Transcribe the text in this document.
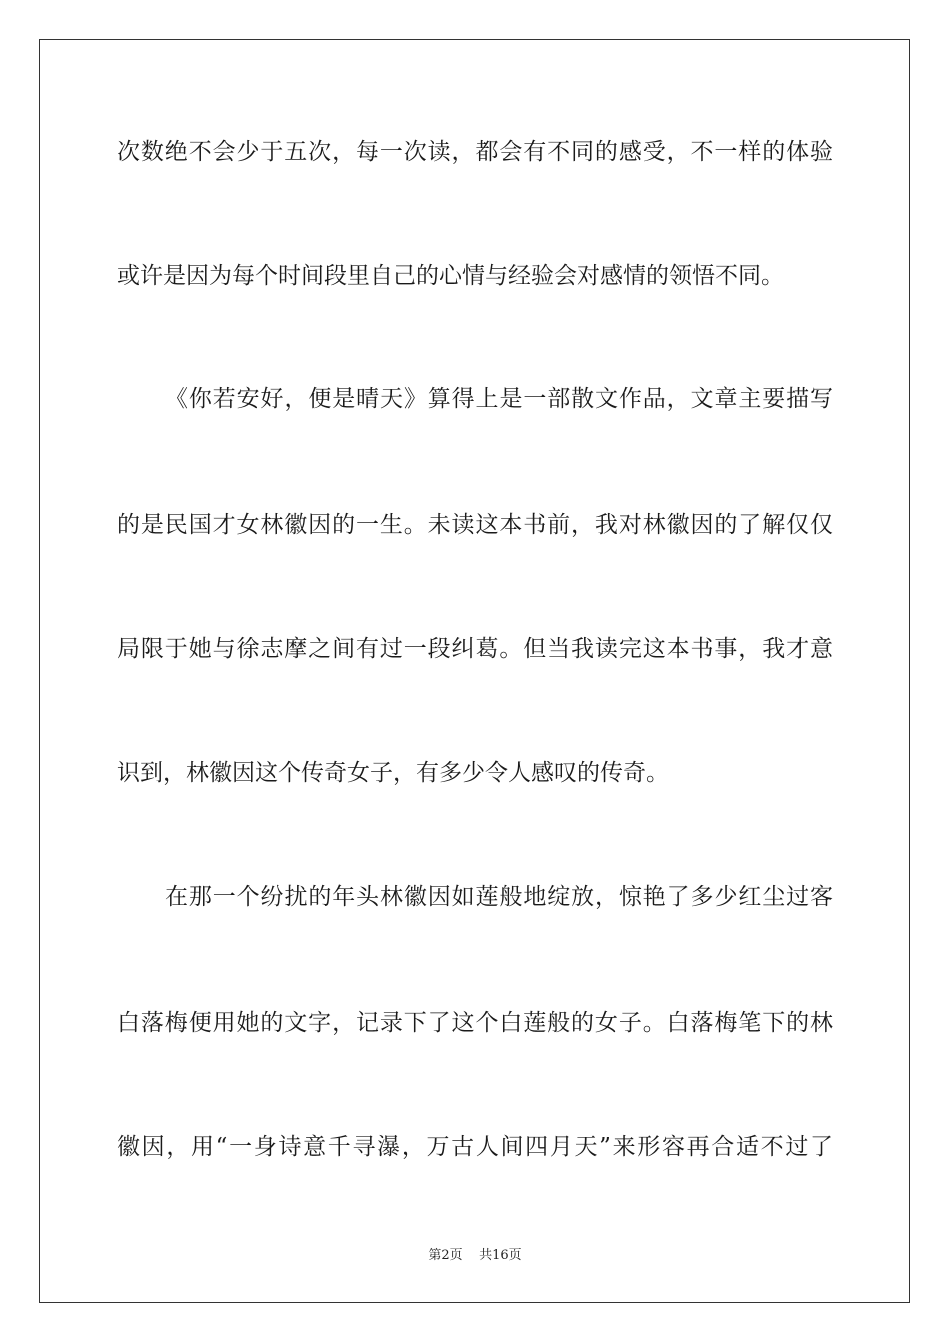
次数绝不会少于五次，每一次读，都会有不同的感受，不一样的体验
或许是因为每个时间段里自己的心情与经验会对感情的领悟不同。
《你若安好，便是晴天》算得上是一部散文作品，文章主要描写
的是民国才女林徽因的一生。未读这本书前，我对林徽因的了解仅仅
局限于她与徐志摩之间有过一段纠葛。但当我读完这本书事，我才意
识到，林徽因这个传奇女子，有多少令人感叹的传奇。
在那一个纷扰的年头林徽因如莲般地绽放，惊艳了多少红尘过客
白落梅便用她的文字，记录下了这个白莲般的女子。白落梅笔下的林
徽因，用“一身诗意千寻瀑，万古人间四月天”来形容再合适不过了
第2页 共16页
